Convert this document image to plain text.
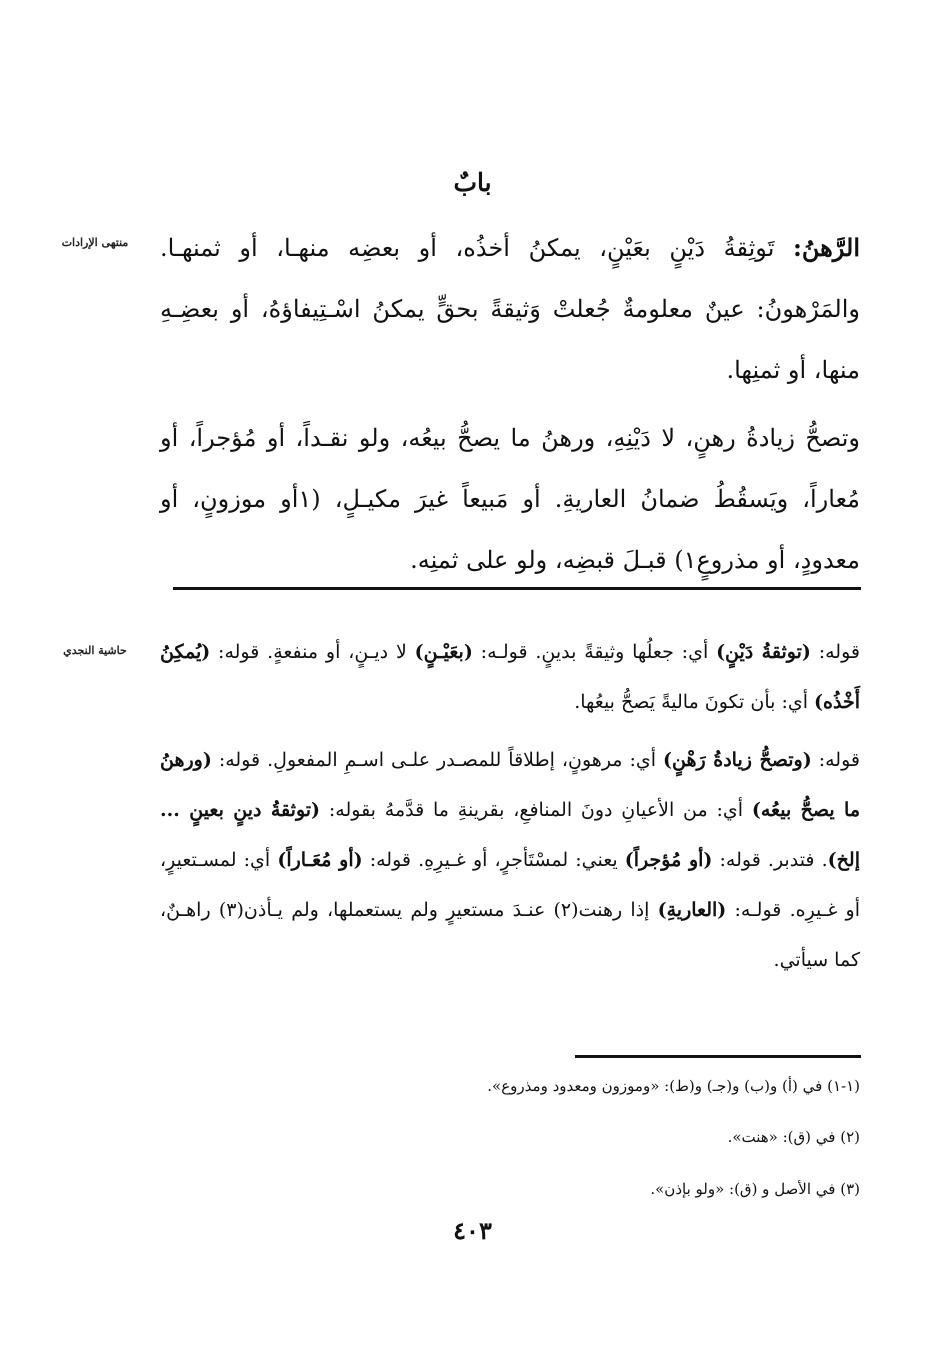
بابٌ
منتهى الإرادات	الرَّهنُ: تَوثِقةُ دَيْنٍ بعَيْنٍ، يمكنُ أخذُه، أو بعضِه منهـا، أو ثمنهـا. والمَرْهونُ: عينٌ معلومةٌ جُعلتْ وَثيقةً بحقٍّ يمكنُ اسْـتِيفاؤهُ، أو بعضِـهِ منها، أو ثمنِها.

وتصحُّ زيادةُ رهنٍ، لا دَيْنِهِ، ورهنُ ما يصحُّ بيعُه، ولو نقـداً، أو مُؤجراً، أو مُعاراً، ويَسقُطُ ضمانُ العاريةِ. أو مَبيعاً غيرَ مكيـلٍ، (١أو موزونٍ، أو معدودٍ، أو مذروعٍ١) قبـلَ قبضِه، ولو على ثمنِه.

حاشية النجدي	قوله: (توثقةُ دَيْنٍ) أي: جعلُها وثيقةً بدينٍ. قولـه: (بعَيْـنٍ) لا ديـنٍ، أو منفعةٍ. قوله: (يُمكِنُ أَخْذُه) أي: بأن تكونَ ماليةً يَصحُّ بيعُها.

قوله: (وتصحُّ زيادةُ رَهْنٍ) أي: مرهونٍ، إطلاقاً للمصـدر علـى اسـمِ المفعولِ. قوله: (ورهنُ ما يصحُّ بيعُه) أي: من الأعيانِ دونَ المنافعِ، بقرينةِ ما قدَّمهُ بقوله: (توثقةُ دينٍ بعينٍ ... إلخ). فتدبر. قوله: (أو مُؤجراً) يعني: لمسْتَأجرٍ، أو غـيرِهِ. قوله: (أو مُعَـاراً) أي: لمسـتعيرٍ، أو غـيرِه. قولـه: (العاريةِ) إذا رهنت(٢) عنـدَ مستعيرٍ ولم يستعملها، ولم يـأذن(٣) راهـنٌ، كما سيأتي.

(١-١) في (أ) و(ب) و(جـ) و(ط): «وموزون ومعدود ومذروع».

(٢) في (ق): «هنت».

(٣) في الأصل و (ق): «ولو بإذن».

٤٠٣
